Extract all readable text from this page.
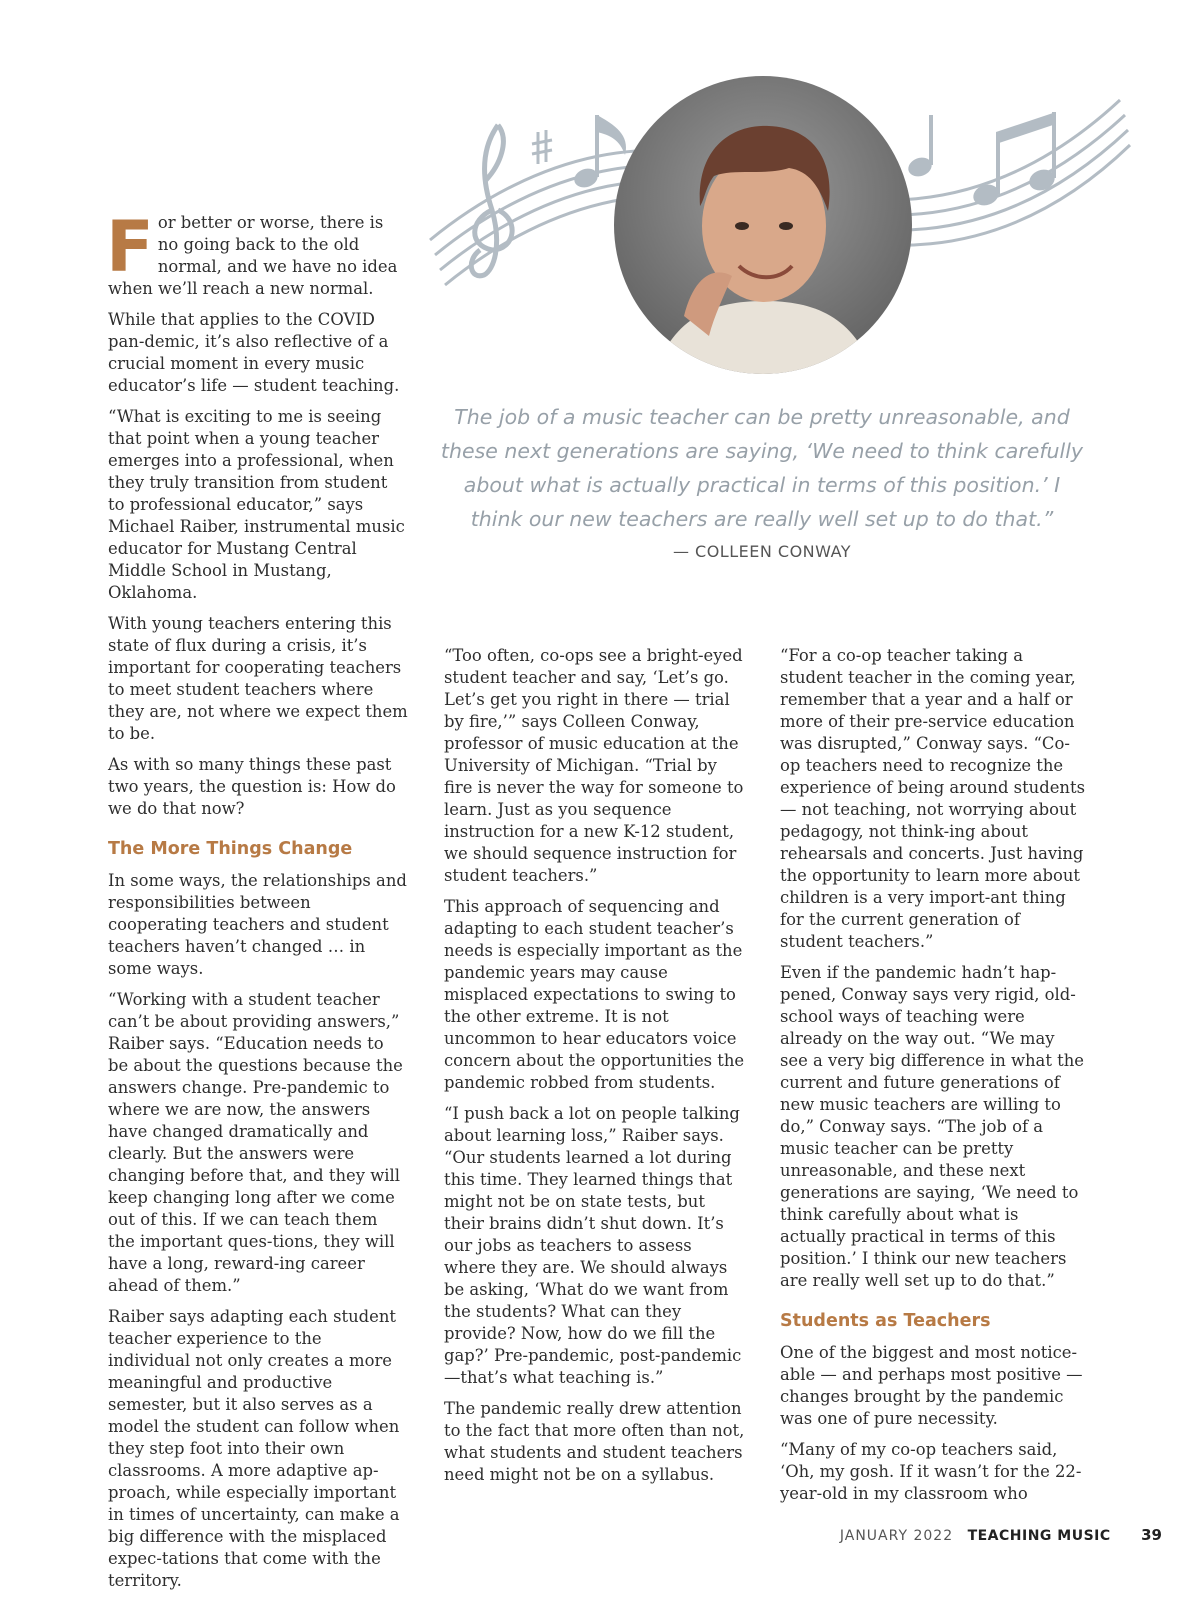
The job of a music teacher can be pretty unreasonable, and these next generations are saying, ‘We need to think carefully about what is actually practical in terms of this position.’ I think our new teachers are really well set up to do that.”

— COLLEEN CONWAY

For better or worse, there is no going back to the old normal, and we have no idea when we’ll reach a new normal.

While that applies to the COVID pan-demic, it’s also reflective of a crucial moment in every music educator’s life — student teaching.

“What is exciting to me is seeing that point when a young teacher emerges into a professional, when they truly transition from student to professional educator,” says Michael Raiber, instrumental music educator for Mustang Central Middle School in Mustang, Oklahoma.

With young teachers entering this state of flux during a crisis, it’s important for cooperating teachers to meet student teachers where they are, not where we expect them to be.

As with so many things these past two years, the question is: How do we do that now?

The More Things Change

In some ways, the relationships and responsibilities between cooperating teachers and student teachers haven’t changed … in some ways.

“Working with a student teacher can’t be about providing answers,” Raiber says. “Education needs to be about the questions because the answers change. Pre-pandemic to where we are now, the answers have changed dramatically and clearly. But the answers were changing before that, and they will keep changing long after we come out of this. If we can teach them the important ques-tions, they will have a long, reward-ing career ahead of them.”

Raiber says adapting each student teacher experience to the individual not only creates a more meaningful and productive semester, but it also serves as a model the student can follow when they step foot into their own classrooms. A more adaptive ap-proach, while especially important in times of uncertainty, can make a big difference with the misplaced expec-tations that come with the territory.

“Too often, co-ops see a bright-eyed student teacher and say, ‘Let’s go. Let’s get you right in there — trial by fire,’” says Colleen Conway, professor of music education at the University of Michigan. “Trial by fire is never the way for someone to learn. Just as you sequence instruction for a new K-12 student, we should sequence instruction for student teachers.”

This approach of sequencing and adapting to each student teacher’s needs is especially important as the pandemic years may cause misplaced expectations to swing to the other extreme. It is not uncommon to hear educators voice concern about the opportunities the pandemic robbed from students.

“I push back a lot on people talking about learning loss,” Raiber says. “Our students learned a lot during this time. They learned things that might not be on state tests, but their brains didn’t shut down. It’s our jobs as teachers to assess where they are. We should always be asking, ‘What do we want from the students? What can they provide? Now, how do we fill the gap?’ Pre-pandemic, post-pandemic —that’s what teaching is.”

The pandemic really drew attention to the fact that more often than not, what students and student teachers need might not be on a syllabus.

“For a co-op teacher taking a student teacher in the coming year, remember that a year and a half or more of their pre-service education was disrupted,” Conway says. “Co-op teachers need to recognize the experience of being around students — not teaching, not worrying about pedagogy, not think-ing about rehearsals and concerts. Just having the opportunity to learn more about children is a very import-ant thing for the current generation of student teachers.”

Even if the pandemic hadn’t hap-pened, Conway says very rigid, old-school ways of teaching were already on the way out. “We may see a very big difference in what the current and future generations of new music teachers are willing to do,” Conway says. “The job of a music teacher can be pretty unreasonable, and these next generations are saying, ‘We need to think carefully about what is actually practical in terms of this position.’ I think our new teachers are really well set up to do that.”

Students as Teachers

One of the biggest and most notice-able — and perhaps most positive — changes brought by the pandemic was one of pure necessity.

“Many of my co-op teachers said, ‘Oh, my gosh. If it wasn’t for the 22-year-old in my classroom who

JANUARY 2022 TEACHING MUSIC 39
